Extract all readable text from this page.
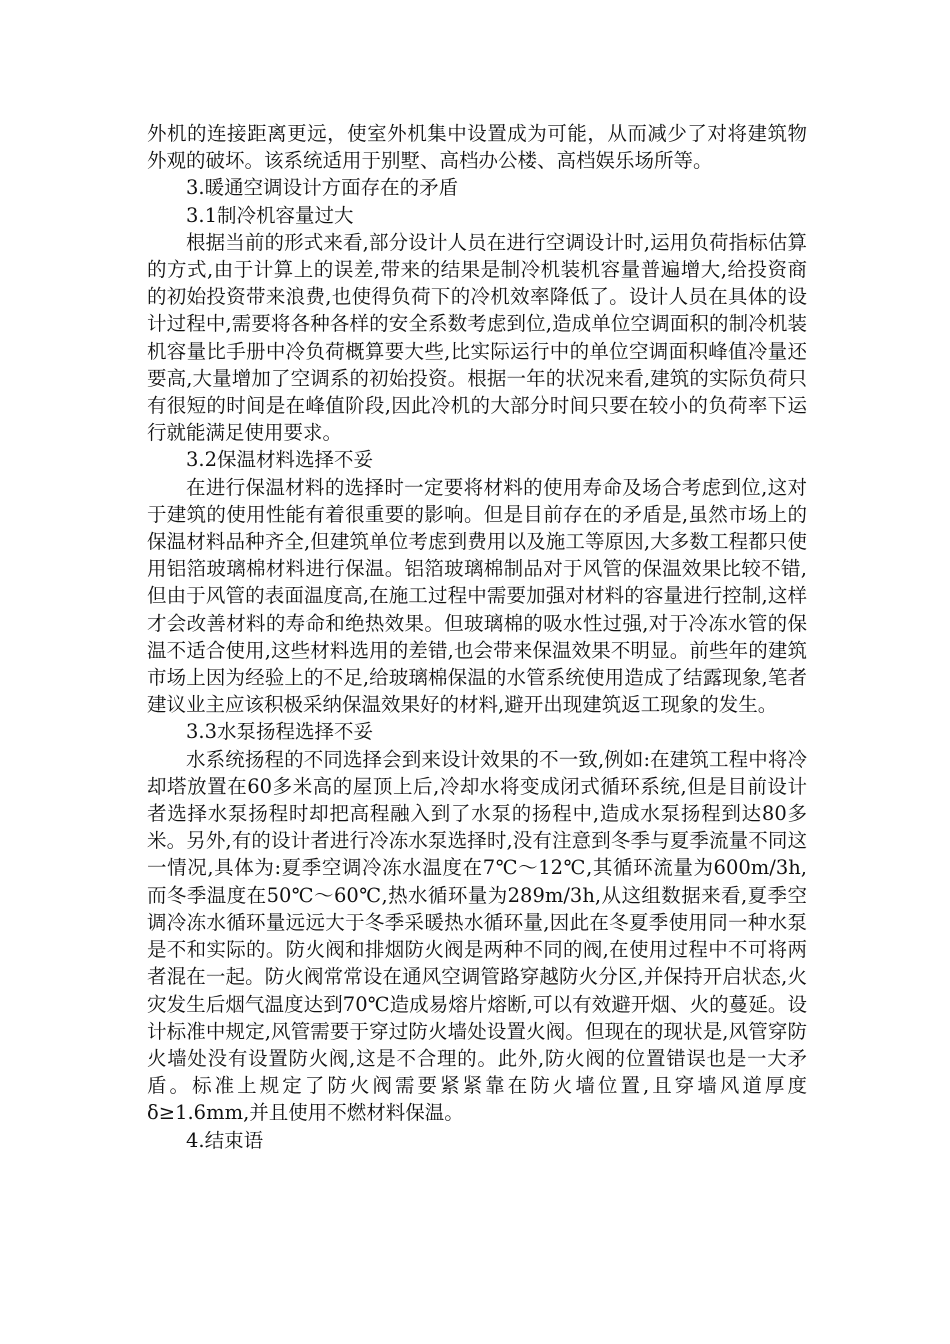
外机的连接距离更远，使室外机集中设置成为可能，从而减少了对将建筑物外观的破坏。该系统适用于别墅、高档办公楼、高档娱乐场所等。

3.暖通空调设计方面存在的矛盾

3.1制冷机容量过大

根据当前的形式来看,部分设计人员在进行空调设计时,运用负荷指标估算的方式,由于计算上的误差,带来的结果是制冷机装机容量普遍增大,给投资商的初始投资带来浪费,也使得负荷下的冷机效率降低了。设计人员在具体的设计过程中,需要将各种各样的安全系数考虑到位,造成单位空调面积的制冷机装机容量比手册中冷负荷概算要大些,比实际运行中的单位空调面积峰值冷量还要高,大量增加了空调系的初始投资。根据一年的状况来看,建筑的实际负荷只有很短的时间是在峰值阶段,因此冷机的大部分时间只要在较小的负荷率下运行就能满足使用要求。

3.2保温材料选择不妥

在进行保温材料的选择时一定要将材料的使用寿命及场合考虑到位,这对于建筑的使用性能有着很重要的影响。但是目前存在的矛盾是,虽然市场上的保温材料品种齐全,但建筑单位考虑到费用以及施工等原因,大多数工程都只使用铝箔玻璃棉材料进行保温。铝箔玻璃棉制品对于风管的保温效果比较不错,但由于风管的表面温度高,在施工过程中需要加强对材料的容量进行控制,这样才会改善材料的寿命和绝热效果。但玻璃棉的吸水性过强,对于冷冻水管的保温不适合使用,这些材料选用的差错,也会带来保温效果不明显。前些年的建筑市场上因为经验上的不足,给玻璃棉保温的水管系统使用造成了结露现象,笔者建议业主应该积极采纳保温效果好的材料,避开出现建筑返工现象的发生。

3.3水泵扬程选择不妥

水系统扬程的不同选择会到来设计效果的不一致,例如:在建筑工程中将冷却塔放置在60多米高的屋顶上后,冷却水将变成闭式循环系统,但是目前设计者选择水泵扬程时却把高程融入到了水泵的扬程中,造成水泵扬程到达80多米。另外,有的设计者进行冷冻水泵选择时,没有注意到冬季与夏季流量不同这一情况,具体为:夏季空调冷冻水温度在7℃～12℃,其循环流量为600m/3h,而冬季温度在50℃～60℃,热水循环量为289m/3h,从这组数据来看,夏季空调冷冻水循环量远远大于冬季采暖热水循环量,因此在冬夏季使用同一种水泵是不和实际的。防火阀和排烟防火阀是两种不同的阀,在使用过程中不可将两者混在一起。防火阀常常设在通风空调管路穿越防火分区,并保持开启状态,火灾发生后烟气温度达到70℃造成易熔片熔断,可以有效避开烟、火的蔓延。设计标准中规定,风管需要于穿过防火墙处设置火阀。但现在的现状是,风管穿防火墙处没有设置防火阀,这是不合理的。此外,防火阀的位置错误也是一大矛盾。标准上规定了防火阀需要紧紧靠在防火墙位置,且穿墙风道厚度δ≥1.6mm,并且使用不燃材料保温。

4.结束语
